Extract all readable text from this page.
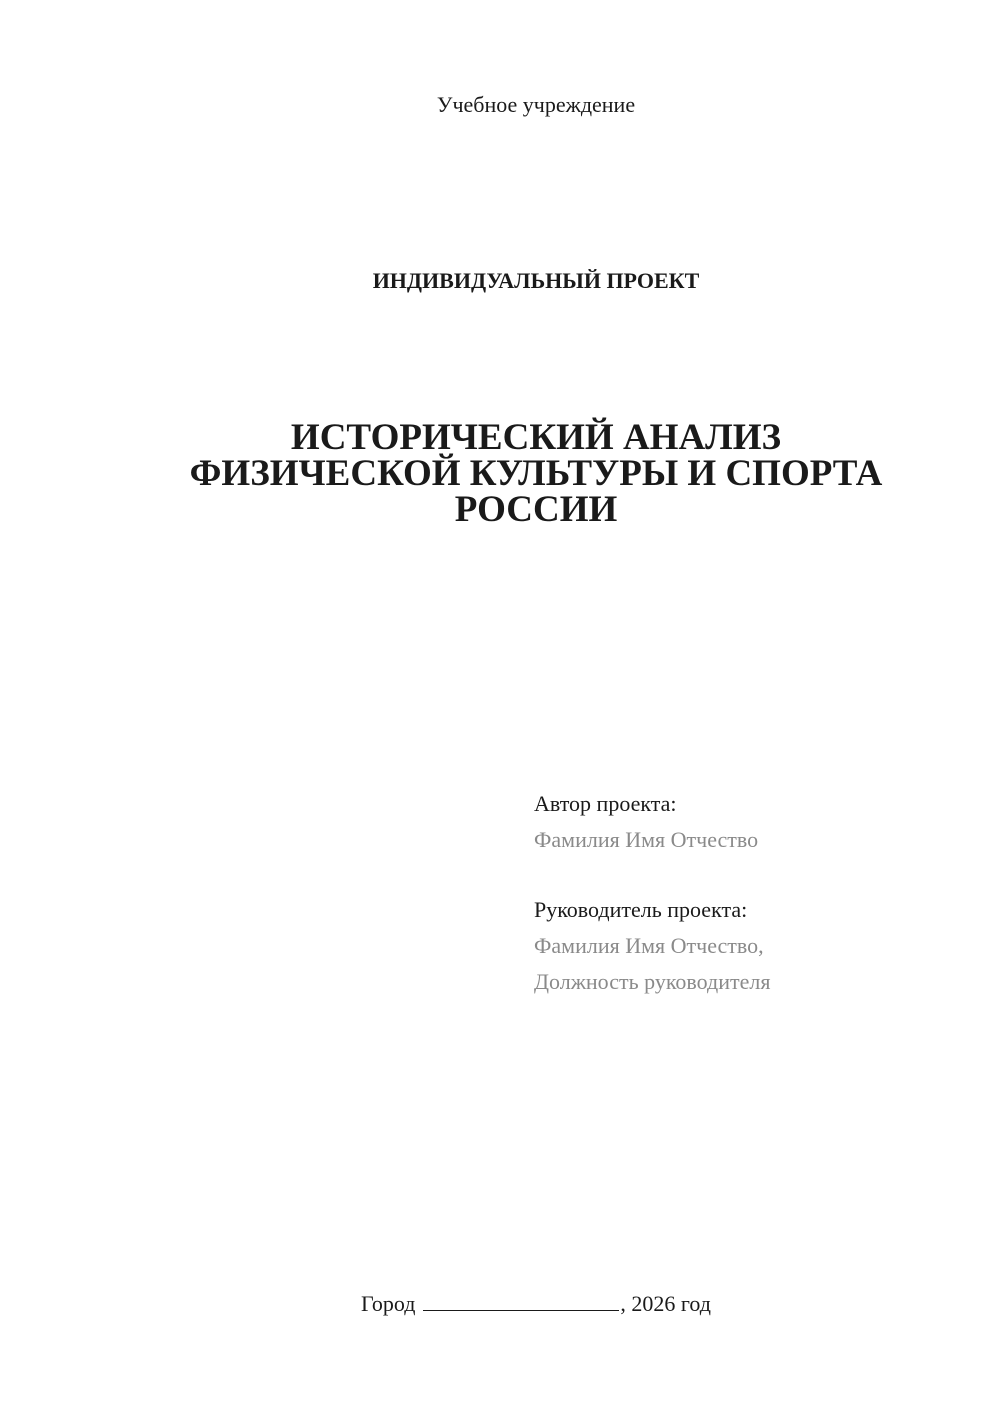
Учебное учреждение
ИНДИВИДУАЛЬНЫЙ ПРОЕКТ
ИСТОРИЧЕСКИЙ АНАЛИЗ
ФИЗИЧЕСКОЙ КУЛЬТУРЫ И СПОРТА
РОССИИ
Автор проекта:
Фамилия Имя Отчество
Руководитель проекта:
Фамилия Имя Отчество,
Должность руководителя
Город	, 2026 год
